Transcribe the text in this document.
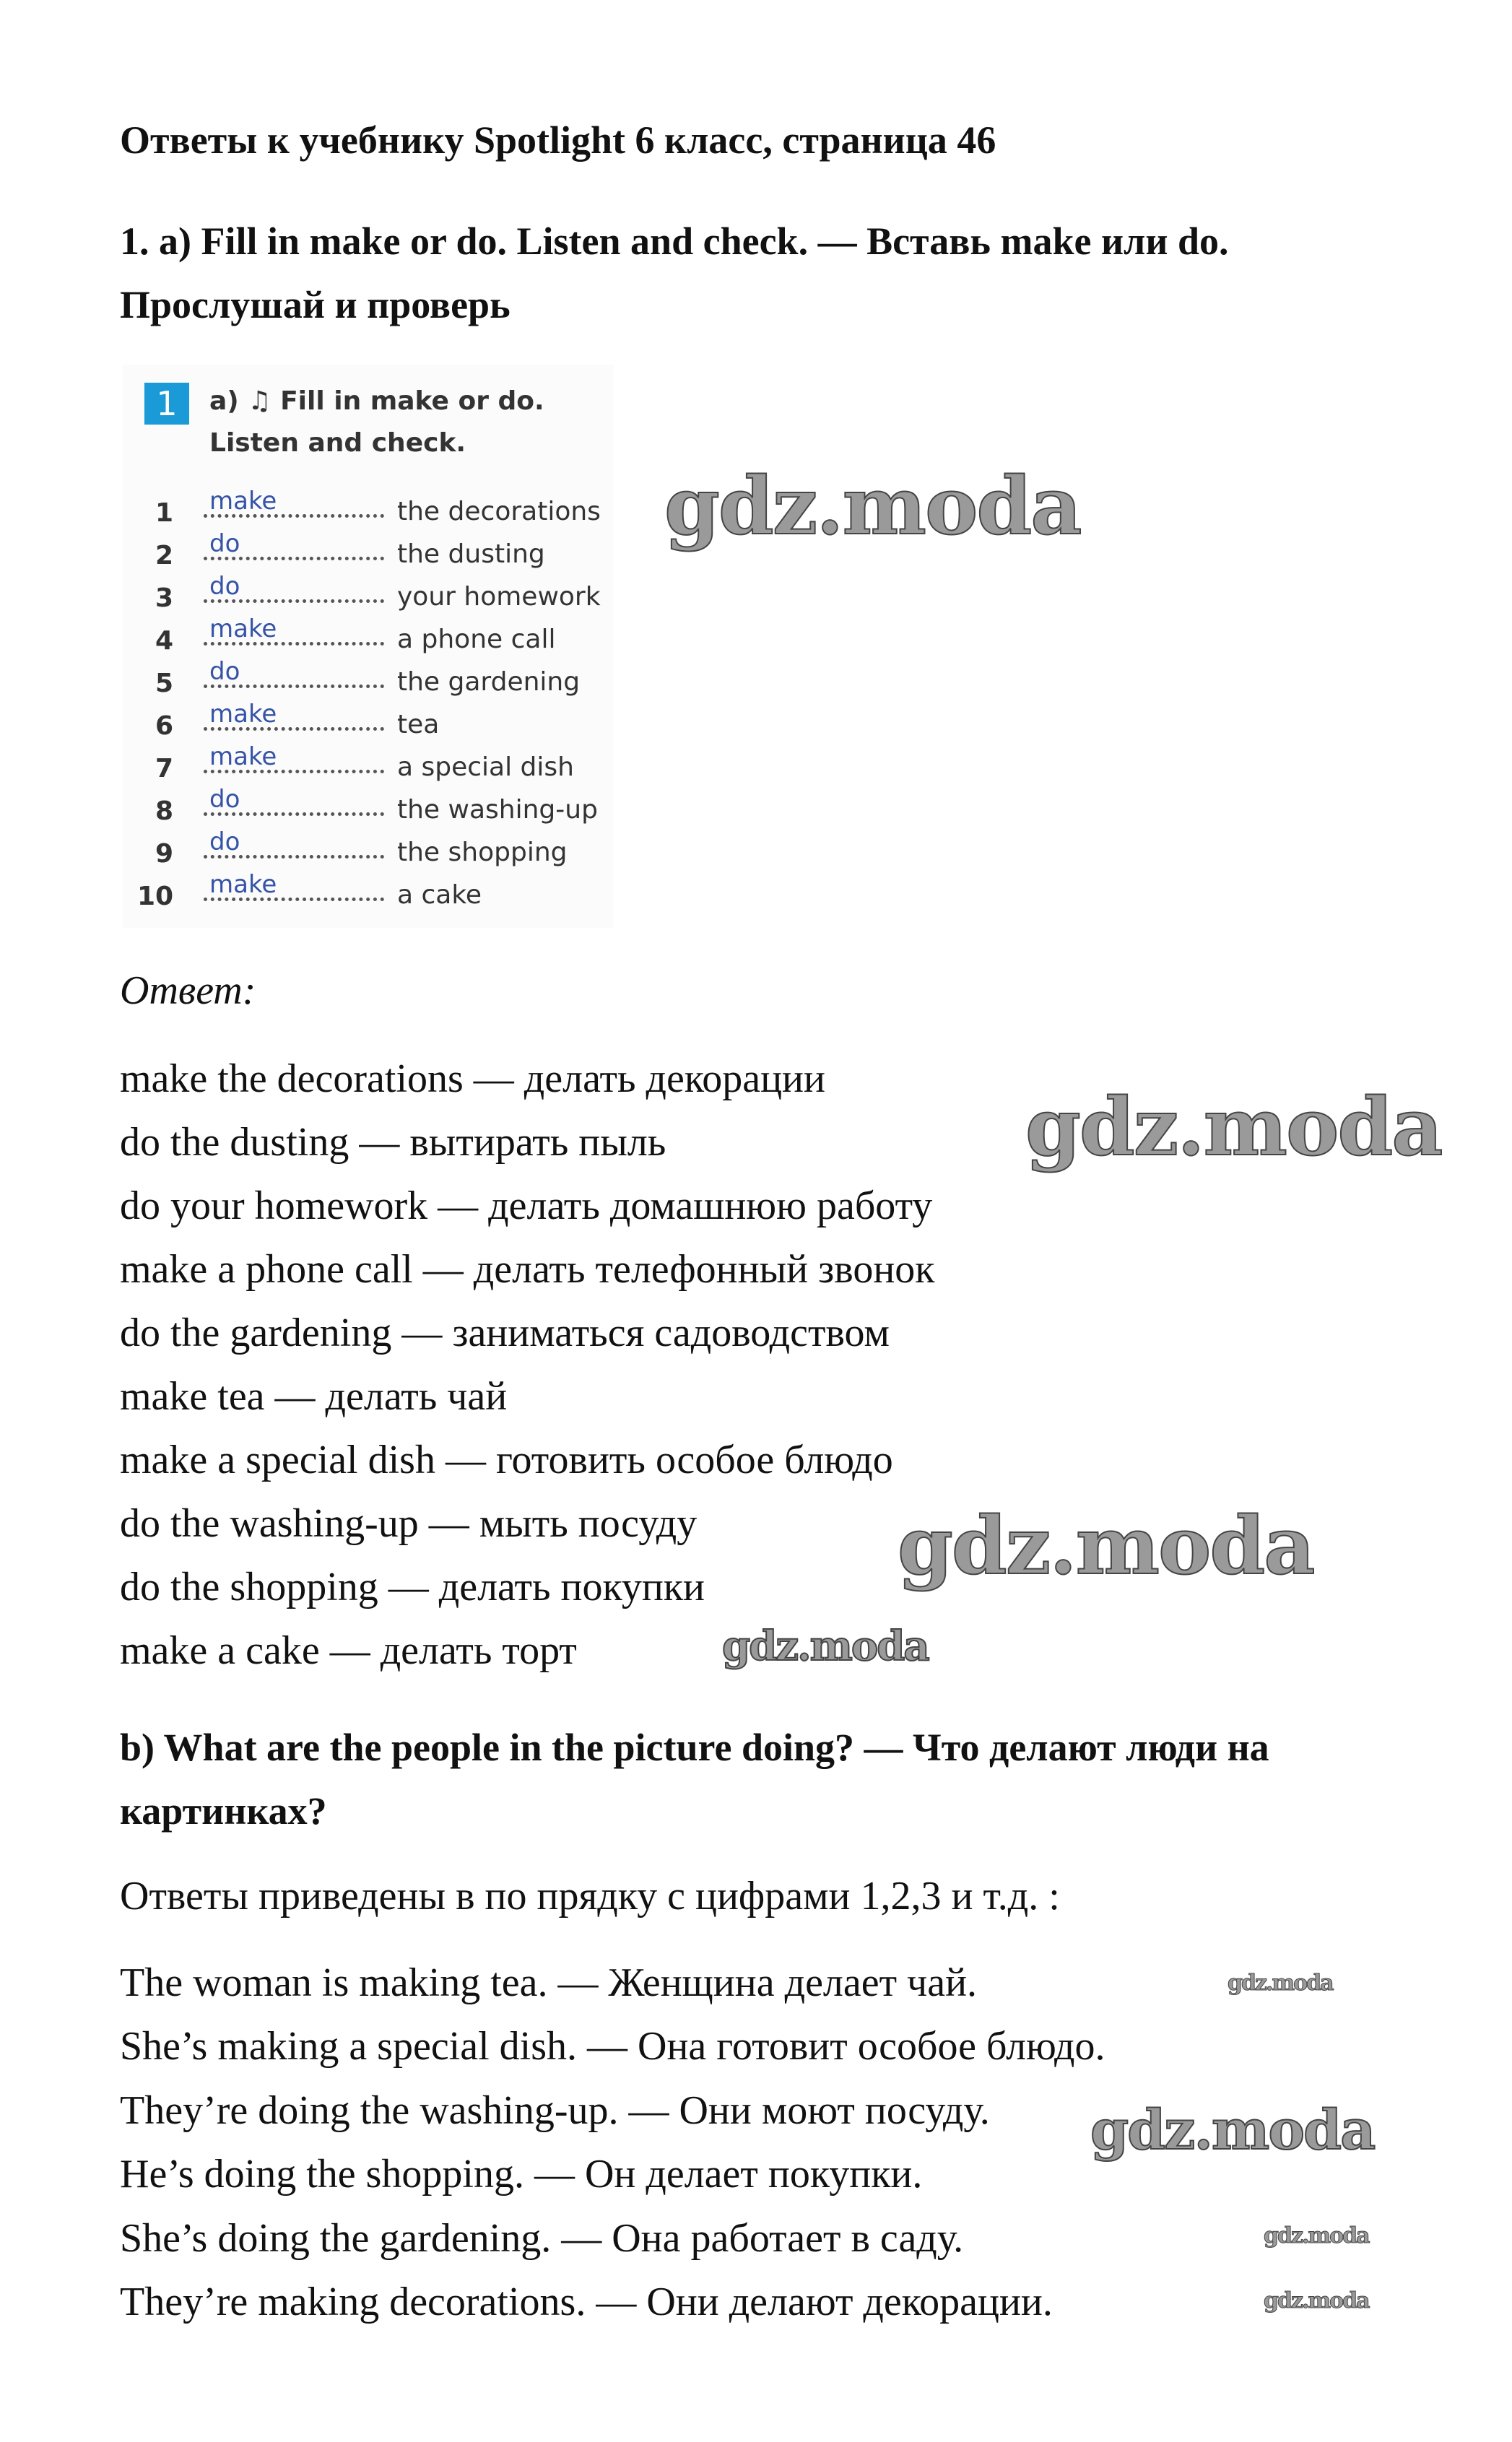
Ответы к учебнику Spotlight 6 класс, страница 46
1. a) Fill in make or do. Listen and check. — Вставь make или do.
Прослушай и проверь
1	a) ♫ Fill in make or do.
Listen and check.
1 make	the decorations
2 do	the dusting
3 do	your homework
4 make	a phone call
5 do	the gardening
6 make	tea
7 make	a special dish
8 do	the washing-up
9 do	the shopping
10 make	a cake
Ответ:
make the decorations — делать декорации
do the dusting — вытирать пыль
do your homework — делать домашнюю работу
make a phone call — делать телефонный звонок
do the gardening — заниматься садоводством
make tea — делать чай
make a special dish — готовить особое блюдо
do the washing-up — мыть посуду
do the shopping — делать покупки
make a cake — делать торт
b) What are the people in the picture doing? — Что делают люди на
картинках?
Ответы приведены в по прядку с цифрами 1,2,3 и т.д. :
The woman is making tea. — Женщина делает чай.
She’s making a special dish. — Она готовит особое блюдо.
They’re doing the washing-up. — Они моют посуду.
He’s doing the shopping. — Он делает покупки.
She’s doing the gardening. — Она работает в саду.
They’re making decorations. — Они делают декорации.
gdz.moda
gdz.moda
gdz.moda
gdz.moda
gdz.moda
gdz.moda
gdz.moda
gdz.moda
